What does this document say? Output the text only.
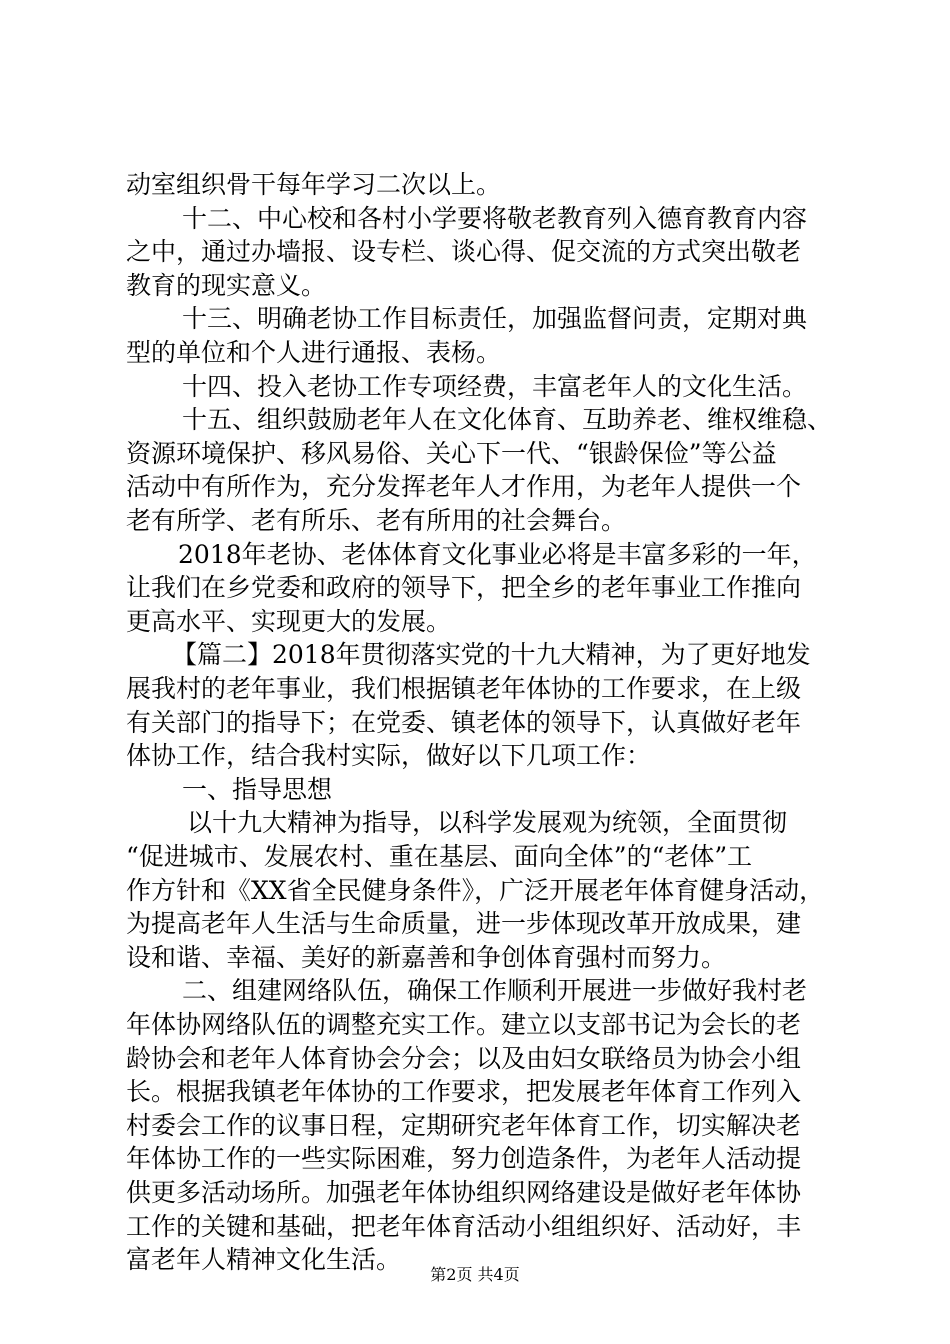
动室组织骨干每年学习二次以上。
十二、中心校和各村小学要将敬老教育列入德育教育内容
之中，通过办墙报、设专栏、谈心得、促交流的方式突出敬老
教育的现实意义。
十三、明确老协工作目标责任，加强监督问责，定期对典
型的单位和个人进行通报、表杨。
十四、投入老协工作专项经费，丰富老年人的文化生活。
十五、组织鼓励老年人在文化体育、互助养老、维权维稳、
资源环境保护、移风易俗、关心下一代、“银龄保俭”等公益
活动中有所作为，充分发挥老年人才作用，为老年人提供一个
老有所学、老有所乐、老有所用的社会舞台。
2018年老协、老体体育文化事业必将是丰富多彩的一年，
让我们在乡党委和政府的领导下，把全乡的老年事业工作推向
更高水平、实现更大的发展。
【篇二】2018年贯彻落实党的十九大精神，为了更好地发
展我村的老年事业，我们根据镇老年体协的工作要求，在上级
有关部门的指导下；在党委、镇老体的领导下，认真做好老年
体协工作，结合我村实际，做好以下几项工作：
一、指导思想
以十九大精神为指导，以科学发展观为统领，全面贯彻
“促进城市、发展农村、重在基层、面向全体”的“老体”工
作方针和《XX省全民健身条件》，广泛开展老年体育健身活动，
为提高老年人生活与生命质量，进一步体现改革开放成果，建
设和谐、幸福、美好的新嘉善和争创体育强村而努力。
二、组建网络队伍，确保工作顺利开展进一步做好我村老
年体协网络队伍的调整充实工作。建立以支部书记为会长的老
龄协会和老年人体育协会分会；以及由妇女联络员为协会小组
长。根据我镇老年体协的工作要求，把发展老年体育工作列入
村委会工作的议事日程，定期研究老年体育工作，切实解决老
年体协工作的一些实际困难，努力创造条件，为老年人活动提
供更多活动场所。加强老年体协组织网络建设是做好老年体协
工作的关键和基础，把老年体育活动小组组织好、活动好，丰
第2页 共4页
富老年人精神文化生活。
